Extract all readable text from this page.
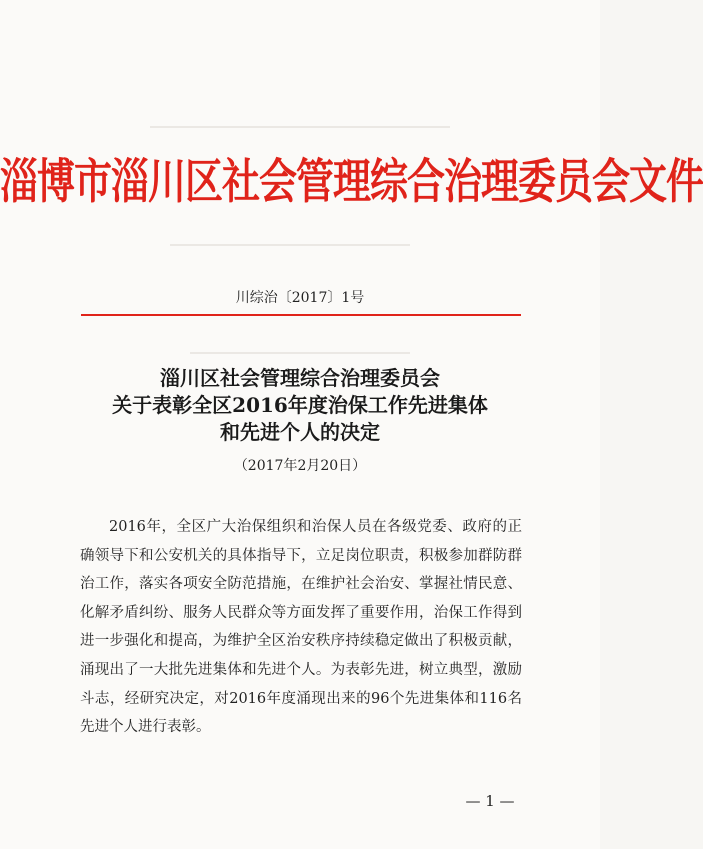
淄博市淄川区社会管理综合治理委员会文件
川综治〔2017〕1号
淄川区社会管理综合治理委员会
关于表彰全区2016年度治保工作先进集体
和先进个人的决定
（2017年2月20日）

2016年，全区广大治保组织和治保人员在各级党委、政府的正确领导下和公安机关的具体指导下，立足岗位职责，积极参加群防群治工作，落实各项安全防范措施，在维护社会治安、掌握社情民意、化解矛盾纠纷、服务人民群众等方面发挥了重要作用，治保工作得到进一步强化和提高，为维护全区治安秩序持续稳定做出了积极贡献，涌现出了一大批先进集体和先进个人。为表彰先进，树立典型，激励斗志，经研究决定，对2016年度涌现出来的96个先进集体和116名先进个人进行表彰。

— 1 —
